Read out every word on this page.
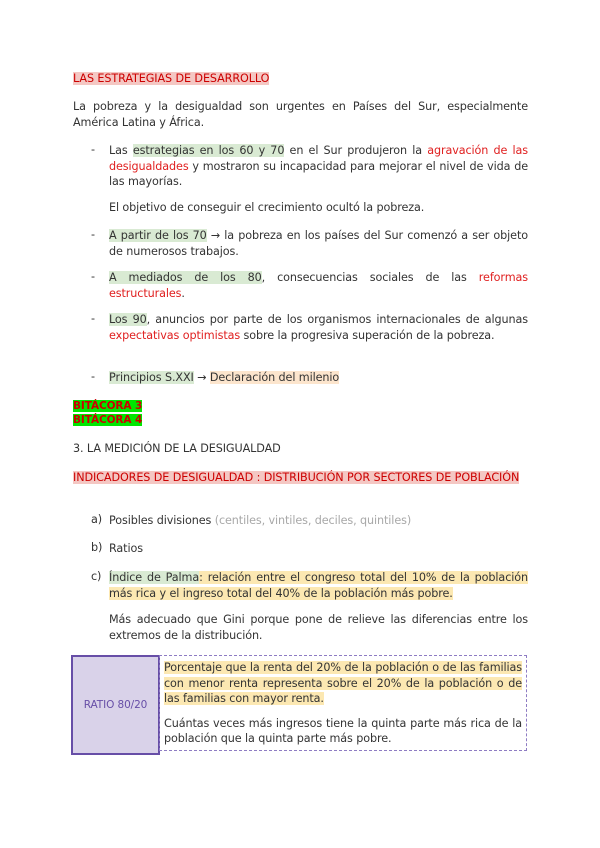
LAS ESTRATEGIAS DE DESARROLLO
La pobreza y la desigualdad son urgentes en Países del Sur, especialmente América Latina y África.
- Las estrategias en los 60 y 70 en el Sur produjeron la agravación de las desigualdades y mostraron su incapacidad para mejorar el nivel de vida de las mayorías.
El objetivo de conseguir el crecimiento ocultó la pobreza.
- A partir de los 70 → la pobreza en los países del Sur comenzó a ser objeto de numerosos trabajos.
- A mediados de los 80, consecuencias sociales de las reformas estructurales.
- Los 90, anuncios por parte de los organismos internacionales de algunas expectativas optimistas sobre la progresiva superación de la pobreza.
- Principios S.XXI → Declaración del milenio
BITÁCORA 3
BITÁCORA 4
3. LA MEDICIÓN DE LA DESIGUALDAD
INDICADORES DE DESIGUALDAD : DISTRIBUCIÓN POR SECTORES DE POBLACIÓN
a) Posibles divisiones (centiles, vintiles, deciles, quintiles)
b) Ratios
c) Índice de Palma: relación entre el congreso total del 10% de la población más rica y el ingreso total del 40% de la población más pobre.
Más adecuado que Gini porque pone de relieve las diferencias entre los extremos de la distribución.
RATIO 80/20
Porcentaje que la renta del 20% de la población o de las familias con menor renta representa sobre el 20% de la población o de las familias con mayor renta.
Cuántas veces más ingresos tiene la quinta parte más rica de la población que la quinta parte más pobre.
